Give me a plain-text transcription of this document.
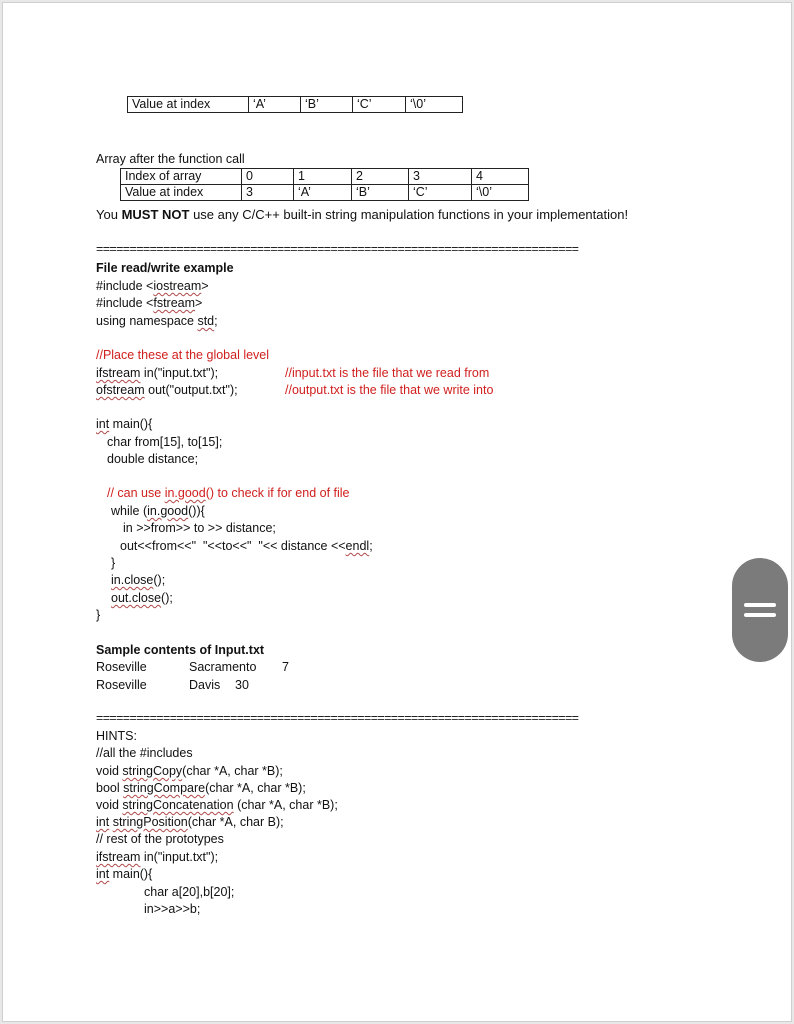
Value at index	‘A’	‘B’	‘C’	‘\0’
Array after the function call
Index of array	0	1	2	3	4
Value at index	3	‘A’	‘B’	‘C’	‘\0’
You MUST NOT use any C/C++ built-in string manipulation functions in your implementation!
========================================================================
File read/write example
#include <iostream>
#include <fstream>
using namespace std;
//Place these at the global level
ifstream in("input.txt");	//input.txt is the file that we read from
ofstream out("output.txt");	//output.txt is the file that we write into
int main(){
char from[15], to[15];
double distance;
// can use in.good() to check if for end of file
while (in.good()){
in >>from>> to >> distance;
out<<from<<"  "<<to<<"  "<< distance <<endl;
}
in.close();
out.close();
}
Sample contents of Input.txt
Roseville	Sacramento 7
Roseville	Davis 30
========================================================================
HINTS:
//all the #includes
void stringCopy(char *A, char *B);
bool stringCompare(char *A, char *B);
void stringConcatenation (char *A, char *B);
int stringPosition(char *A, char B);
// rest of the prototypes
ifstream in("input.txt");
int main(){
char a[20],b[20];
in>>a>>b;
